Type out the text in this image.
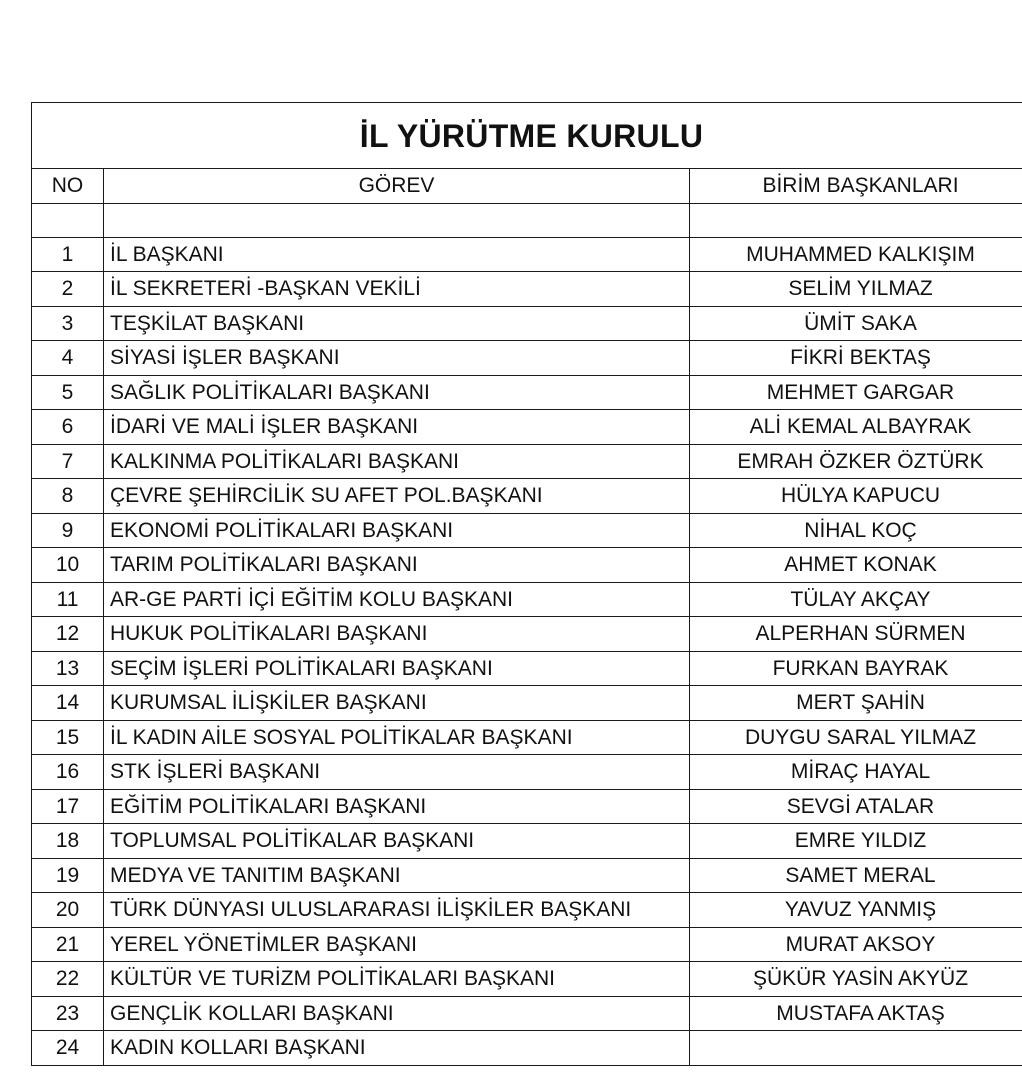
İL YÜRÜTME KURULU		
NO	GÖREV	BİRİM BAŞKANLARI

1	İL BAŞKANI	MUHAMMED KALKIŞIM
2	İL SEKRETERİ -BAŞKAN VEKİLİ	SELİM YILMAZ
3	TEŞKİLAT BAŞKANI	ÜMİT SAKA
4	SİYASİ İŞLER BAŞKANI	FİKRİ BEKTAŞ
5	SAĞLIK POLİTİKALARI BAŞKANI	MEHMET GARGAR
6	İDARİ VE MALİ İŞLER BAŞKANI	ALİ KEMAL ALBAYRAK
7	KALKINMA POLİTİKALARI BAŞKANI	EMRAH ÖZKER ÖZTÜRK
8	ÇEVRE ŞEHİRCİLİK SU AFET POL.BAŞKANI	HÜLYA KAPUCU
9	EKONOMİ POLİTİKALARI BAŞKANI	NİHAL KOÇ
10	TARIM POLİTİKALARI BAŞKANI	AHMET KONAK
11	AR-GE PARTİ İÇİ EĞİTİM KOLU BAŞKANI	TÜLAY AKÇAY
12	HUKUK POLİTİKALARI BAŞKANI	ALPERHAN SÜRMEN
13	SEÇİM İŞLERİ POLİTİKALARI BAŞKANI	FURKAN BAYRAK
14	KURUMSAL İLİŞKİLER BAŞKANI	MERT ŞAHİN
15	İL KADIN AİLE SOSYAL POLİTİKALAR BAŞKANI	DUYGU SARAL YILMAZ
16	STK İŞLERİ BAŞKANI	MİRAÇ HAYAL
17	EĞİTİM POLİTİKALARI BAŞKANI	SEVGİ ATALAR
18	TOPLUMSAL POLİTİKALAR BAŞKANI	EMRE YILDIZ
19	MEDYA VE TANITIM BAŞKANI	SAMET MERAL
20	TÜRK DÜNYASI ULUSLARARASI İLİŞKİLER BAŞKANI	YAVUZ YANMIŞ
21	YEREL YÖNETİMLER BAŞKANI	MURAT AKSOY
22	KÜLTÜR VE TURİZM POLİTİKALARI BAŞKANI	ŞÜKÜR YASİN AKYÜZ
23	GENÇLİK KOLLARI BAŞKANI	MUSTAFA AKTAŞ
24	KADIN KOLLARI BAŞKANI	
